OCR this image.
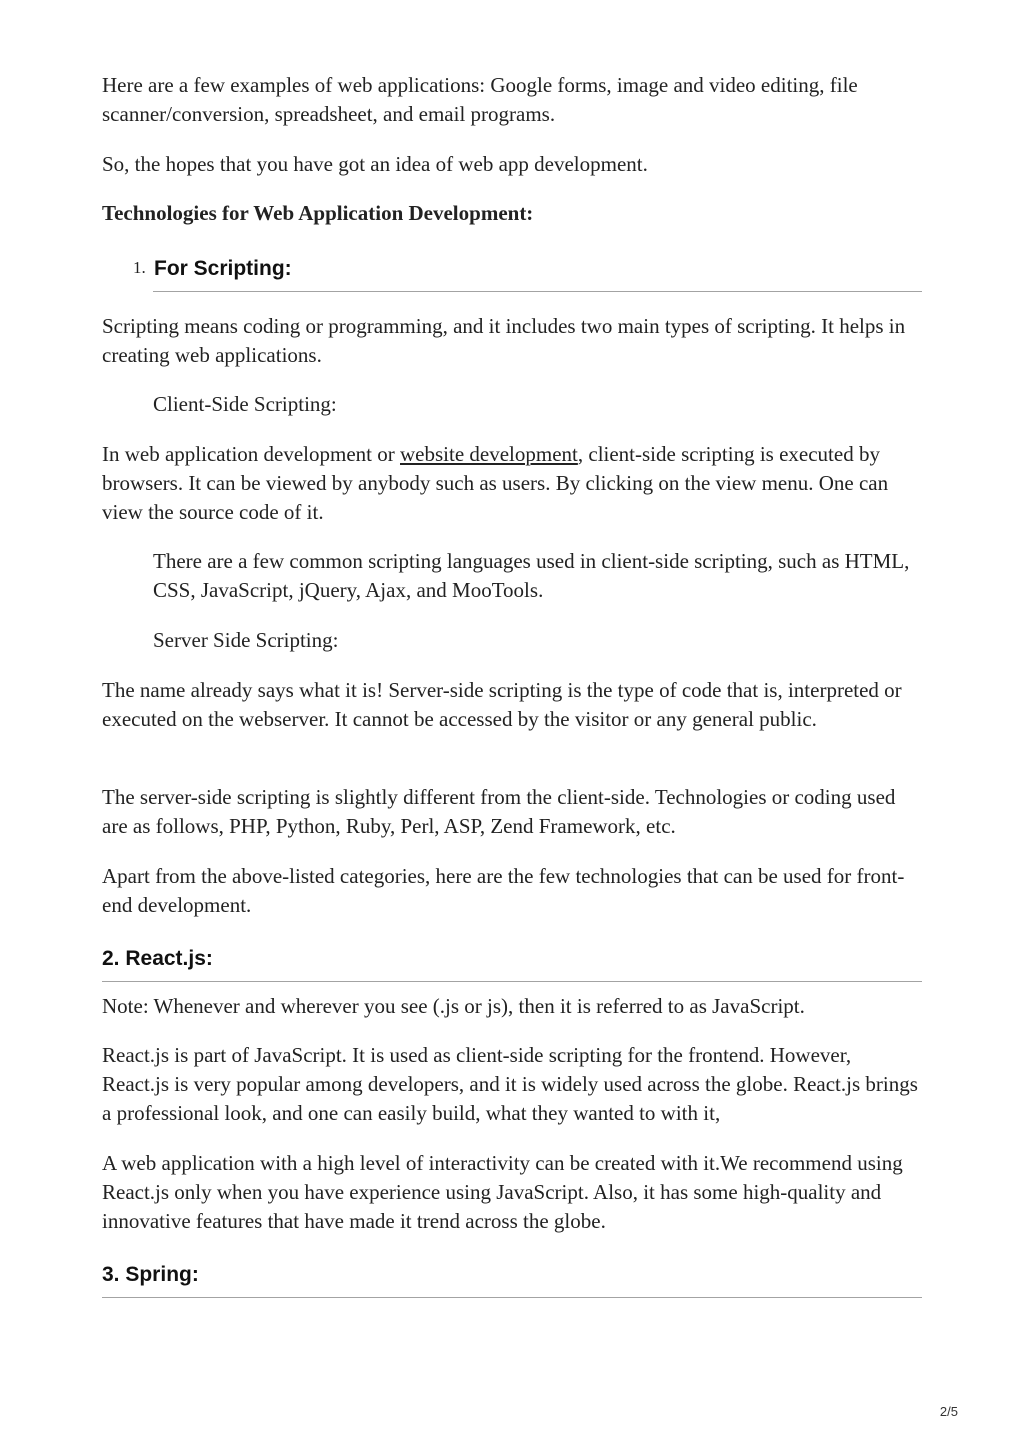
Here are a few examples of web applications: Google forms, image and video editing, file scanner/conversion, spreadsheet, and email programs.

So, the hopes that you have got an idea of web app development.

Technologies for Web Application Development:

1. For Scripting:

Scripting means coding or programming, and it includes two main types of scripting. It helps in creating web applications.

Client-Side Scripting:

In web application development or website development, client-side scripting is executed by browsers. It can be viewed by anybody such as users. By clicking on the view menu. One can view the source code of it.

There are a few common scripting languages used in client-side scripting, such as HTML, CSS, JavaScript, jQuery, Ajax, and MooTools.

Server Side Scripting:

The name already says what it is! Server-side scripting is the type of code that is, interpreted or executed on the webserver. It cannot be accessed by the visitor or any general public.

The server-side scripting is slightly different from the client-side. Technologies or coding used are as follows, PHP, Python, Ruby, Perl, ASP, Zend Framework, etc.

Apart from the above-listed categories, here are the few technologies that can be used for front-end development.

2. React.js:

Note: Whenever and wherever you see (.js or js), then it is referred to as JavaScript.

React.js is part of JavaScript. It is used as client-side scripting for the frontend. However, React.js is very popular among developers, and it is widely used across the globe. React.js brings a professional look, and one can easily build, what they wanted to with it,

A web application with a high level of interactivity can be created with it.We recommend using React.js only when you have experience using JavaScript. Also, it has some high-quality and innovative features that have made it trend across the globe.

3. Spring:

2/5
